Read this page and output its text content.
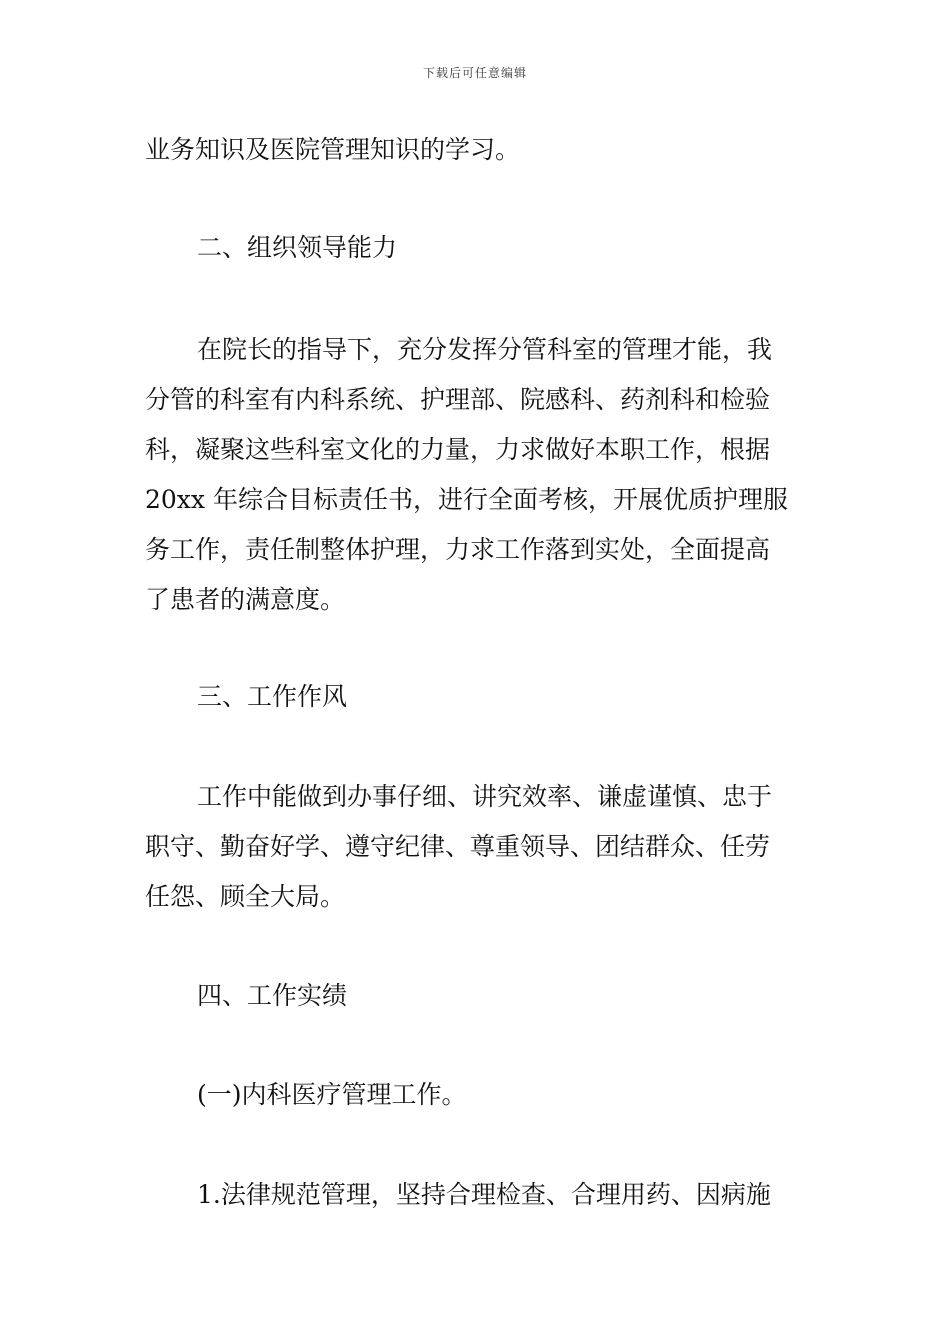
下载后可任意编辑
业务知识及医院管理知识的学习。
二、组织领导能力
在院长的指导下，充分发挥分管科室的管理才能，我
分管的科室有内科系统、护理部、院感科、药剂科和检验
科，凝聚这些科室文化的力量，力求做好本职工作，根据
20xx 年综合目标责任书，进行全面考核，开展优质护理服
务工作，责任制整体护理，力求工作落到实处，全面提高
了患者的满意度。
三、工作作风
工作中能做到办事仔细、讲究效率、谦虚谨慎、忠于
职守、勤奋好学、遵守纪律、尊重领导、团结群众、任劳
任怨、顾全大局。
四、工作实绩
(一)内科医疗管理工作。
1.法律规范管理，坚持合理检查、合理用药、因病施
